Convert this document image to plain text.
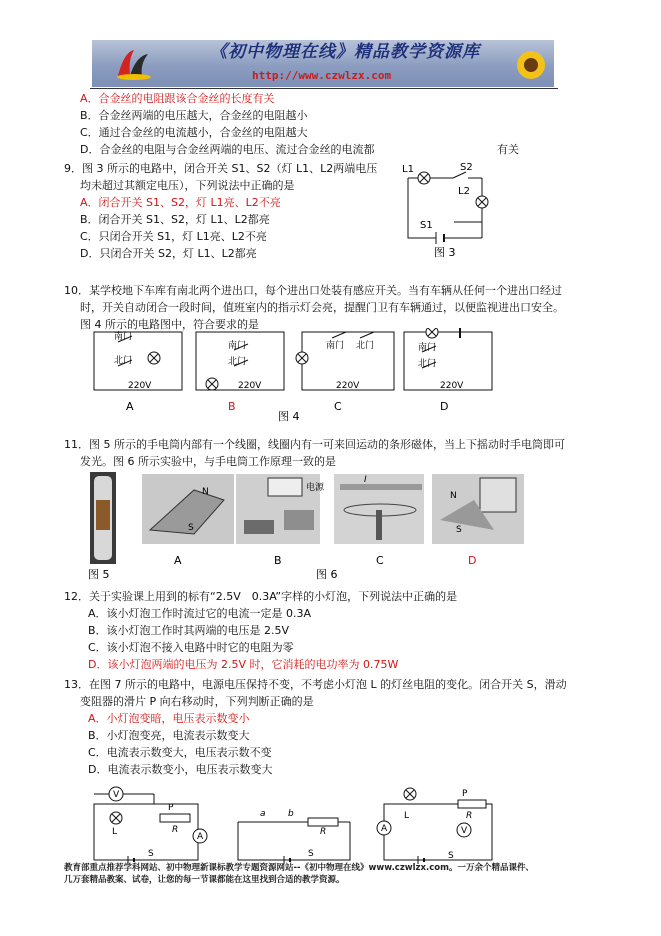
《初中物理在线》精品教学资源库
http://www.czwlzx.com
A．合金丝的电阻跟该合金丝的长度有关
B．合金丝两端的电压越大，合金丝的电阻越小
C．通过合金丝的电流越小，合金丝的电阻越大
D．合金丝的电阻与合金丝两端的电压、流过合金丝的电流都	有关
9．图 3 所示的电路中，闭合开关 S1、S2（灯 L1、L2两端电压
均未超过其额定电压），下列说法中正确的是
A．闭合开关 S1、S2，灯 L1亮、L2不亮
B．闭合开关 S1、S2，灯 L1、L2都亮
C．只闭合开关 S1，灯 L1亮、L2不亮
D．只闭合开关 S2，灯 L1、L2都亮
L1	S2
L2
S1
图 3
10．某学校地下车库有南北两个进出口，每个进出口处装有感应开关。当有车辆从任何一个进出口经过
时，开关自动闭合一段时间，值班室内的指示灯会亮，提醒门卫有车辆通过，以便监视进出口安全。
图 4 所示的电路图中，符合要求的是
南门
北门
220V
南门
北门
220V
南门 北门
220V
南门
北门
220V
A	B	C	D
图 4
11．图 5 所示的手电筒内部有一个线圈，线圈内有一可来回运动的条形磁体，当上下摇动时手电筒即可
发光。图 6 所示实验中，与手电筒工作原理一致的是
N
S
电源
I
N
S
A	B	C	D
图 5	图 6
12．关于实验课上用到的标有“2.5V　0.3A”字样的小灯泡，下列说法中正确的是
A．该小灯泡工作时流过它的电流一定是 0.3A
B．该小灯泡工作时其两端的电压是 2.5V
C．该小灯泡不接入电路中时它的电阻为零
D．该小灯泡两端的电压为 2.5V 时，它消耗的电功率为 0.75W
13．在图 7 所示的电路中，电源电压保持不变，不考虑小灯泡 L 的灯丝电阻的变化。闭合开关 S，滑动
变阻器的滑片 P 向右移动时，下列判断正确的是
A．小灯泡变暗，电压表示数变小
B．小灯泡变亮，电流表示数变大
C．电流表示数变大，电压表示数不变
D．电流表示数变小，电压表示数变大
V
L
P
R
A
a b
R	A
L
P
R
V
S	S	S
教育部重点推荐学科网站、初中物理新课标教学专题资源网站--《初中物理在线》www.czwlzx.com。一万余个精品课件、
几万套精品教案、试卷，让您的每一节课都能在这里找到合适的教学资源。
